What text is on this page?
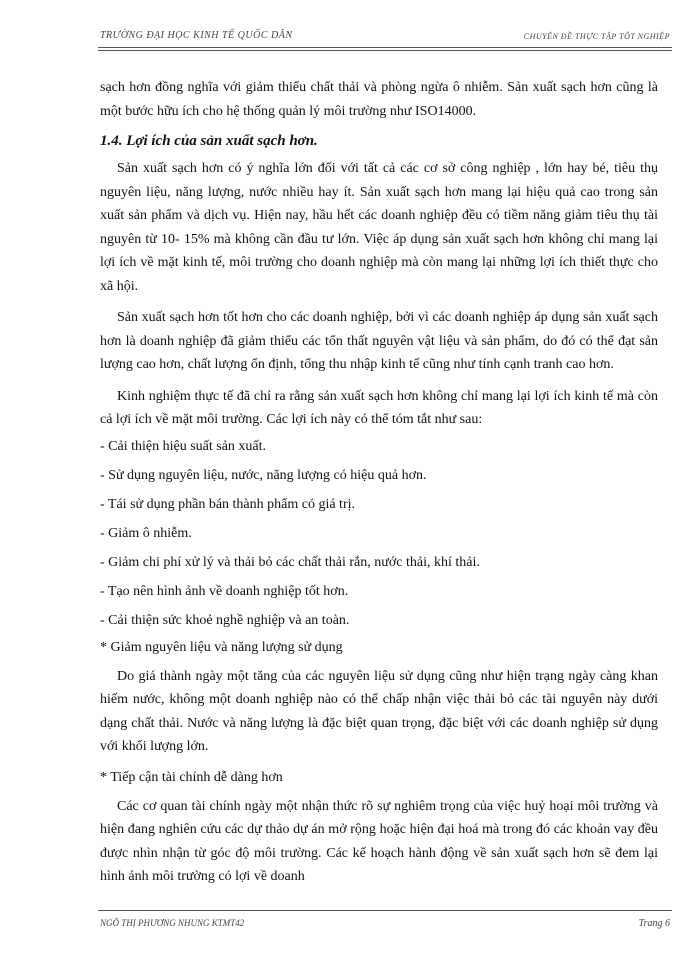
TRƯỜNG ĐẠI HỌC KINH TẾ QUỐC DÂN	CHUYÊN ĐỀ THỰC TẬP TỐT NGHIỆP

sạch hơn đồng nghĩa với giảm thiểu chất thải và phòng ngừa ô nhiễm. Sản xuất sạch hơn cũng là một bước hữu ích cho hệ thống quản lý môi trường như ISO14000.

1.4. Lợi ích của sản xuất sạch hơn.

Sản xuất sạch hơn có ý nghĩa lớn đối với tất cả các cơ sở công nghiệp , lớn hay bé, tiêu thụ nguyên liệu, năng lượng, nước nhiều hay ít. Sản xuất sạch hơn mang lại hiệu quả cao trong sản xuất sản phẩm và dịch vụ. Hiện nay, hầu hết các doanh nghiệp đều có tiềm năng giảm tiêu thụ tài nguyên từ 10- 15% mà không cần đầu tư lớn. Việc áp dụng sản xuất sạch hơn không chỉ mang lại lợi ích về mặt kinh tế, môi trường cho doanh nghiệp mà còn mang lại những lợi ích thiết thực cho xã hội.

Sản xuất sạch hơn tốt hơn cho các doanh nghiệp, bởi vì các doanh nghiệp áp dụng sản xuất sạch hơn là doanh nghiệp đã giảm thiểu các tổn thất nguyên vật liệu và sản phẩm, do đó có thể đạt sản lượng cao hơn, chất lượng ổn định, tổng thu nhập kinh tế cũng như tính cạnh tranh cao hơn.

Kinh nghiệm thực tế đã chỉ ra rằng sản xuất sạch hơn không chỉ mang lại lợi ích kinh tế mà còn cả lợi ích về mặt môi trường. Các lợi ích này có thể tóm tắt như sau:

- Cải thiện hiệu suất sản xuất.

- Sử dụng nguyên liệu, nước, năng lượng có hiệu quả hơn.

- Tái sử dụng phần bán thành phẩm có giá trị.

- Giảm ô nhiễm.

- Giảm chi phí xử lý và thải bỏ các chất thải rắn, nước thải, khí thải.

- Tạo nên hình ảnh về doanh nghiệp tốt hơn.

- Cải thiện sức khoẻ nghề nghiệp và an toàn.

* Giảm nguyên liệu và năng lượng sử dụng

Do giá thành ngày một tăng của các nguyên liệu sử dụng cũng như hiện trạng ngày càng khan hiếm nước, không một doanh nghiệp nào có thể chấp nhận việc thải bỏ các tài nguyên này dưới dạng chất thải. Nước và năng lượng là đặc biệt quan trọng, đặc biệt với các doanh nghiệp sử dụng với khối lượng lớn.

* Tiếp cận tài chính dễ dàng hơn

Các cơ quan tài chính ngày một nhận thức rõ sự nghiêm trọng của việc huỷ hoại môi trường và hiện đang nghiên cứu các dự thảo dự án mở rộng hoặc hiện đại hoá mà trong đó các khoản vay đều được nhìn nhận từ góc độ môi trường. Các kế hoạch hành động về sản xuất sạch hơn sẽ đem lại hình ảnh môi trường có lợi về doanh

NGÔ THỊ PHƯƠNG NHUNG KTMT42	Trang 6
